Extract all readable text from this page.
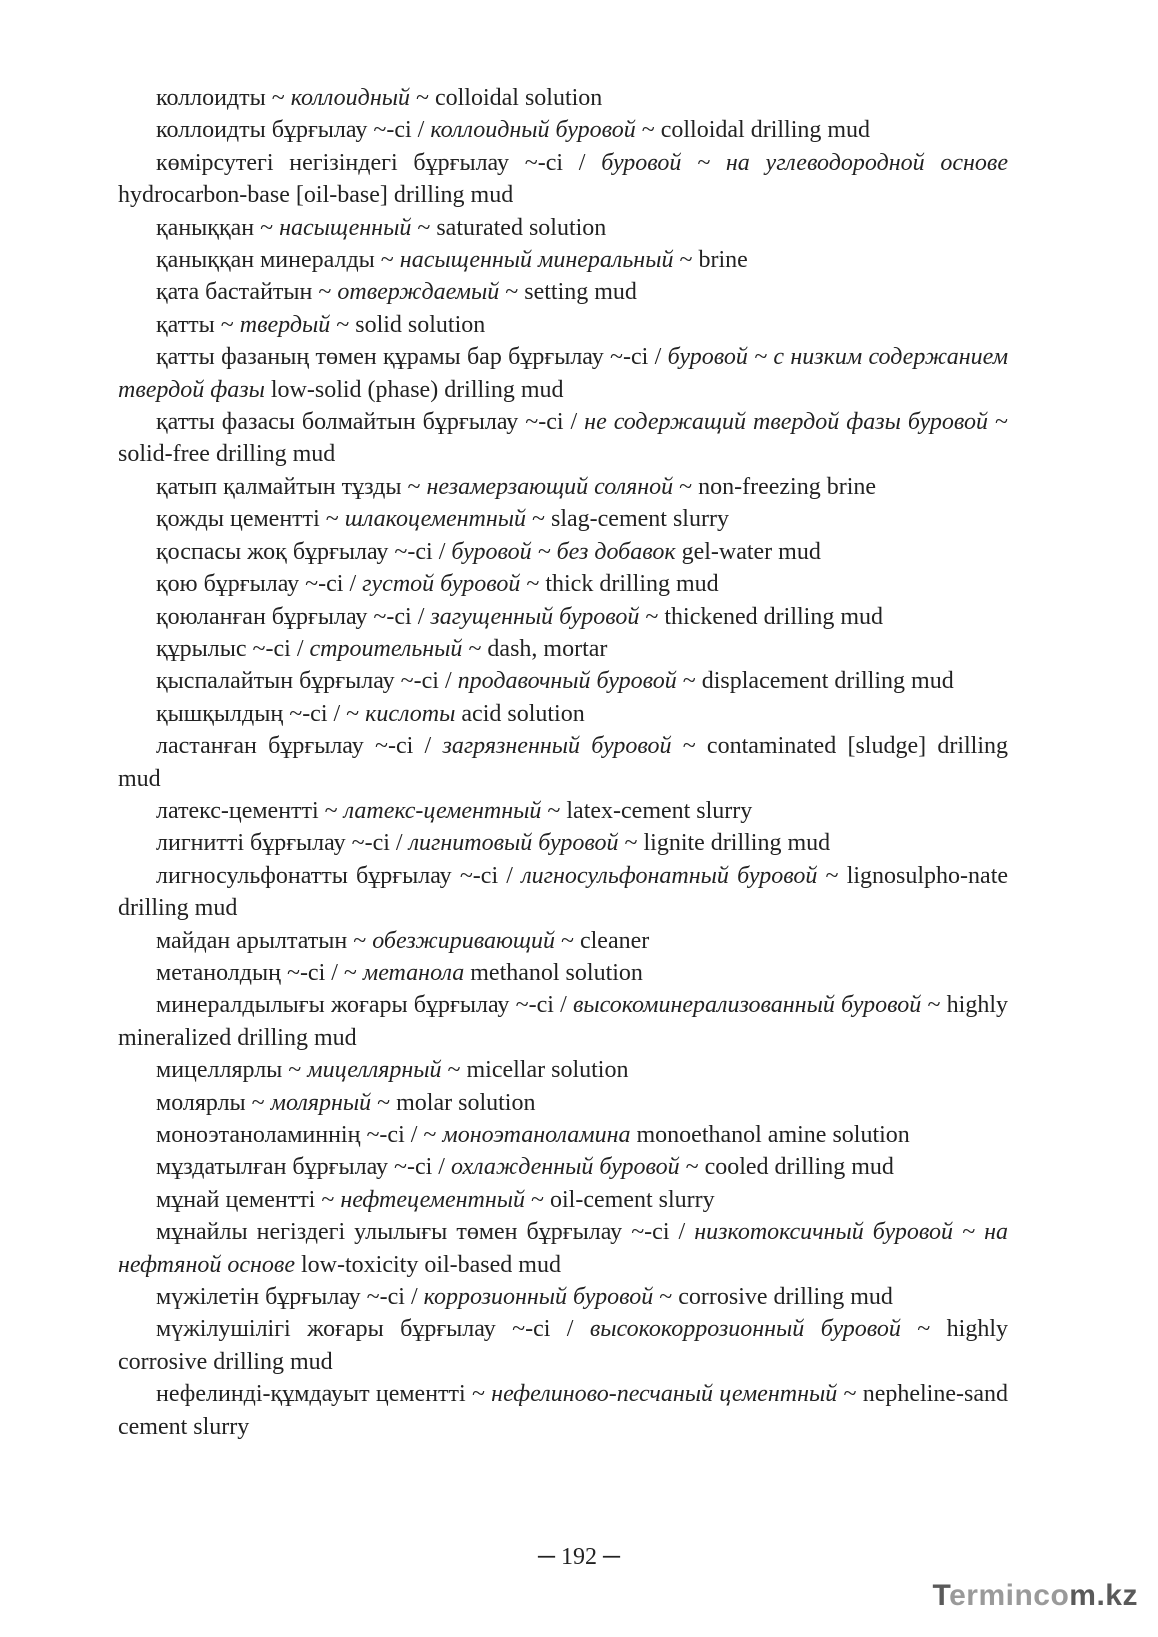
коллоидты ~ коллоидный ~ colloidal solution

коллоидты бұрғылау ~-сі / коллоидный буровой ~ colloidal drilling mud

көмірсутегі негізіндегі бұрғылау ~-сі / буровой ~ на углеводородной основе hydrocarbon-base [oil-base] drilling mud

қаныққан ~ насыщенный ~ saturated solution

қаныққан минералды ~ насыщенный минеральный ~ brine

қата бастайтын ~ отверждаемый ~ setting mud

қатты ~ твердый ~ solid solution

қатты фазаның төмен құрамы бар бұрғылау ~-сі / буровой ~ с низким содержанием твердой фазы low-solid (phase) drilling mud

қатты фазасы болмайтын бұрғылау ~-сі / не содержащий твердой фазы буровой ~ solid-free drilling mud

қатып қалмайтын тұзды ~ незамерзающий соляной ~ non-freezing brine

қожды цементті ~ шлакоцементный ~ slag-cement slurry

қоспасы жоқ бұрғылау ~-сі / буровой ~ без добавок gel-water mud

қою бұрғылау ~-сі / густой буровой ~ thick drilling mud

қоюланған бұрғылау ~-сі / загущенный буровой ~ thickened drilling mud

құрылыс ~-сі / строительный ~ dash, mortar

қыспалайтын бұрғылау ~-сі / продавочный буровой ~ displacement drilling mud

қышқылдың ~-сі / ~ кислоты acid solution

ластанған бұрғылау ~-сі / загрязненный буровой ~ contaminated [sludge] drilling mud

латекс-цементті ~ латекс-цементный ~ latex-cement slurry

лигнитті бұрғылау ~-сі / лигнитовый буровой ~ lignite drilling mud

лигносульфонатты бұрғылау ~-сі / лигносульфонатный буровой ~ lignosulpho-nate drilling mud

майдан арылтатын ~ обезжиривающий ~ cleaner

метанолдың ~-сі / ~ метанола methanol solution

минералдылығы жоғары бұрғылау ~-сі / высокоминерализованный буровой ~ highly mineralized drilling mud

мицеллярлы ~ мицеллярный ~ micellar solution

молярлы ~ молярный ~ molar solution

моноэтаноламиннің ~-сі / ~ моноэтаноламина monoethanol amine solution

мұздатылған бұрғылау ~-сі / охлажденный буровой ~ cooled drilling mud

мұнай цементті ~ нефтецементный ~ oil-cement slurry

мұнайлы негіздегі улылығы төмен бұрғылау ~-сі / низкотоксичный буровой ~ на нефтяной основе low-toxicity oil-based mud

мүжілетін бұрғылау ~-сі / коррозионный буровой ~ corrosive drilling mud

мүжілушілігі жоғары бұрғылау ~-сі / высококоррозионный буровой ~ highly corrosive drilling mud

нефелинді-құмдауыт цементті ~ нефелиново-песчаный цементный ~ nepheline-sand cement slurry

─ 192 ─
Termincom.kz
